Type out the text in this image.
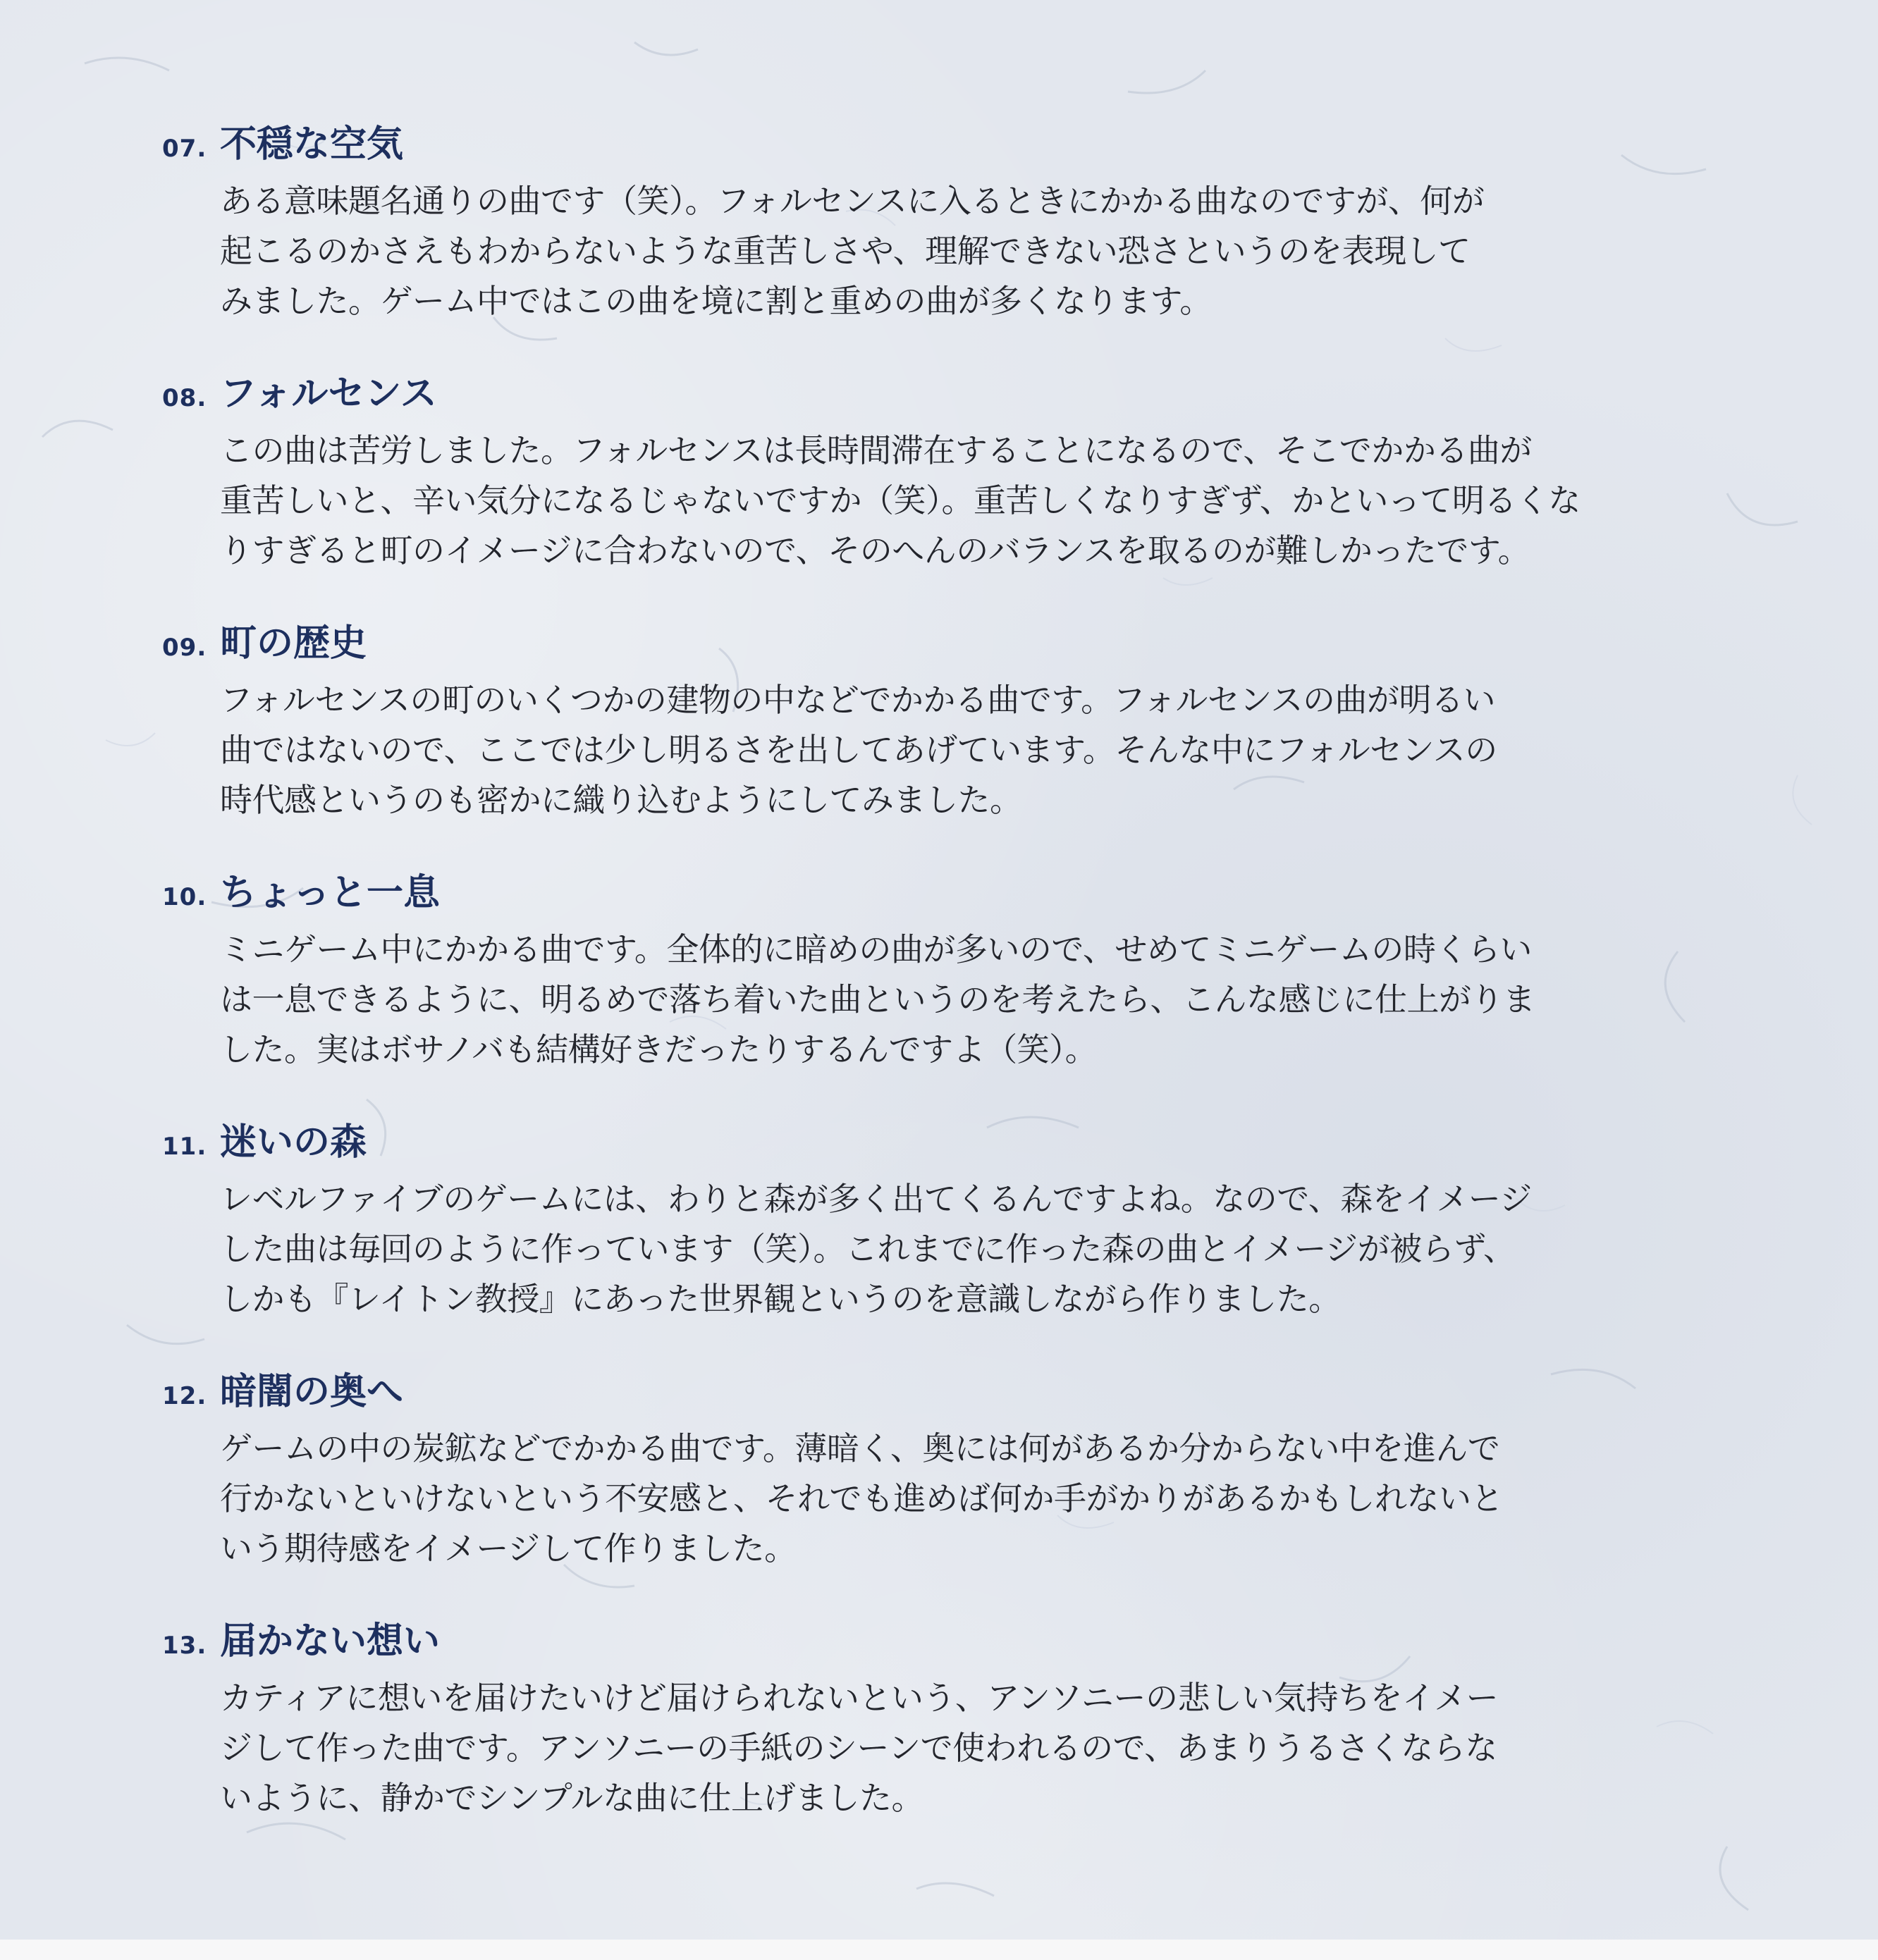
07. 不穏な空気
ある意味題名通りの曲です（笑）。フォルセンスに入るときにかかる曲なのですが、何が
起こるのかさえもわからないような重苦しさや、理解できない恐さというのを表現して
みました。ゲーム中ではこの曲を境に割と重めの曲が多くなります。
08. フォルセンス
この曲は苦労しました。フォルセンスは長時間滞在することになるので、そこでかかる曲が
重苦しいと、辛い気分になるじゃないですか（笑）。重苦しくなりすぎず、かといって明るくな
りすぎると町のイメージに合わないので、そのへんのバランスを取るのが難しかったです。
09. 町の歴史
フォルセンスの町のいくつかの建物の中などでかかる曲です。フォルセンスの曲が明るい
曲ではないので、ここでは少し明るさを出してあげています。そんな中にフォルセンスの
時代感というのも密かに織り込むようにしてみました。
10. ちょっと一息
ミニゲーム中にかかる曲です。全体的に暗めの曲が多いので、せめてミニゲームの時くらい
は一息できるように、明るめで落ち着いた曲というのを考えたら、こんな感じに仕上がりま
した。実はボサノバも結構好きだったりするんですよ（笑）。
11. 迷いの森
レベルファイブのゲームには、わりと森が多く出てくるんですよね。なので、森をイメージ
した曲は毎回のように作っています（笑）。これまでに作った森の曲とイメージが被らず、
しかも『レイトン教授』にあった世界観というのを意識しながら作りました。
12. 暗闇の奥へ
ゲームの中の炭鉱などでかかる曲です。薄暗く、奥には何があるか分からない中を進んで
行かないといけないという不安感と、それでも進めば何か手がかりがあるかもしれないと
いう期待感をイメージして作りました。
13. 届かない想い
カティアに想いを届けたいけど届けられないという、アンソニーの悲しい気持ちをイメー
ジして作った曲です。アンソニーの手紙のシーンで使われるので、あまりうるさくならな
いように、静かでシンプルな曲に仕上げました。
